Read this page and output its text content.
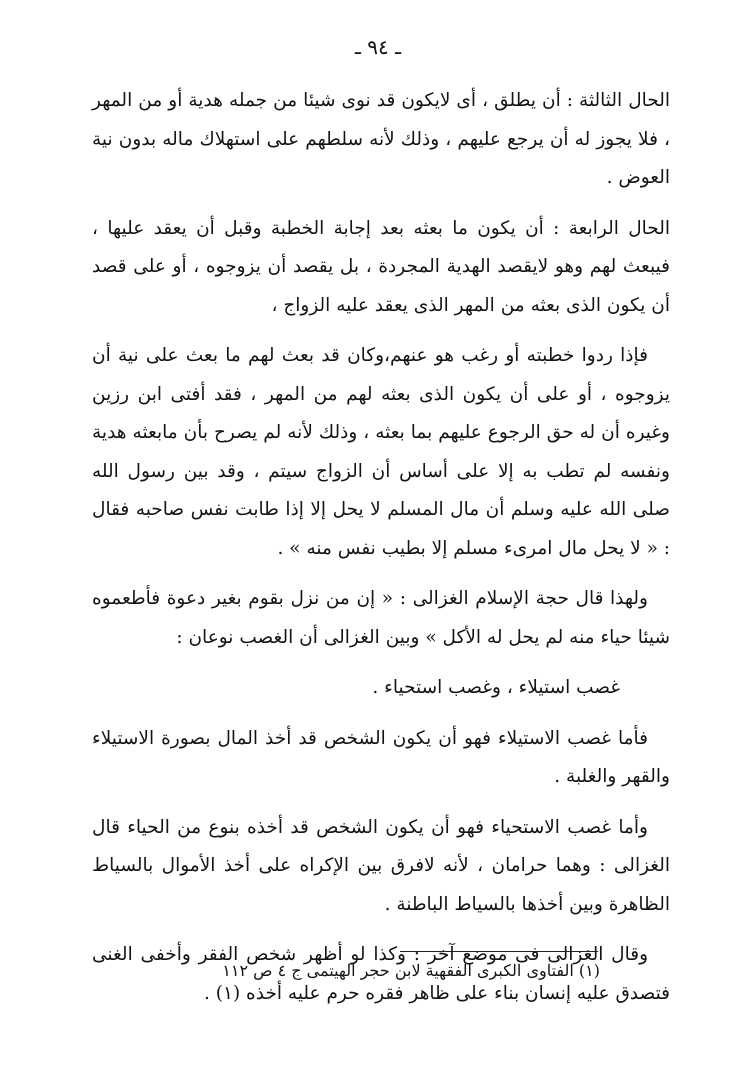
ـ ٩٤ ـ

الحال الثالثة : أن يطلق ، أى لايكون قد نوى شيئا من جمله هدية أو من المهر ، فلا يجوز له أن يرجع عليهم ، وذلك لأنه سلطهم على استهلاك ماله بدون نية العوض .

الحال الرابعة : أن يكون ما بعثه بعد إجابة الخطبة وقبل أن يعقد عليها ، فيبعث لهم وهو لايقصد الهدية المجردة ، بل يقصد أن يزوجوه ، أو على قصد أن يكون الذى بعثه من المهر الذى يعقد عليه الزواج ،

فإذا ردوا خطبته أو رغب هو عنهم،وكان قد بعث لهم ما بعث على نية أن يزوجوه ، أو على أن يكون الذى بعثه لهم من المهر ، فقد أفتى ابن رزين وغيره أن له حق الرجوع عليهم بما بعثه ، وذلك لأنه لم يصرح بأن مابعثه هدية ونفسه لم تطب به إلا على أساس أن الزواج سيتم ، وقد بين رسول الله صلى الله عليه وسلم أن مال المسلم لا يحل إلا إذا طابت نفس صاحبه فقال : « لا يحل مال امرىء مسلم إلا بطيب نفس منه » .

ولهذا قال حجة الإسلام الغزالى : « إن من نزل بقوم بغير دعوة فأطعموه شيئا حياء منه لم يحل له الأكل » وبين الغزالى أن الغصب نوعان :

غصب استيلاء ، وغصب استحياء .

فأما غصب الاستيلاء فهو أن يكون الشخص قد أخذ المال بصورة الاستيلاء والقهر والغلبة .

وأما غصب الاستحياء فهو أن يكون الشخص قد أخذه بنوع من الحياء قال الغزالى : وهما حرامان ، لأنه لافرق بين الإكراه على أخذ الأموال بالسياط الظاهرة وبين أخذها بالسياط الباطنة .

وقال الغزالى فى موضع آخر : وكذا لو أظهر شخص الفقر وأخفى الغنى فتصدق عليه إنسان بناء على ظاهر فقره حرم عليه أخذه (١) .

(١) الفتاوى الكبرى الفقهية لابن حجر الهيتمى ج ٤ ص ١١٢
